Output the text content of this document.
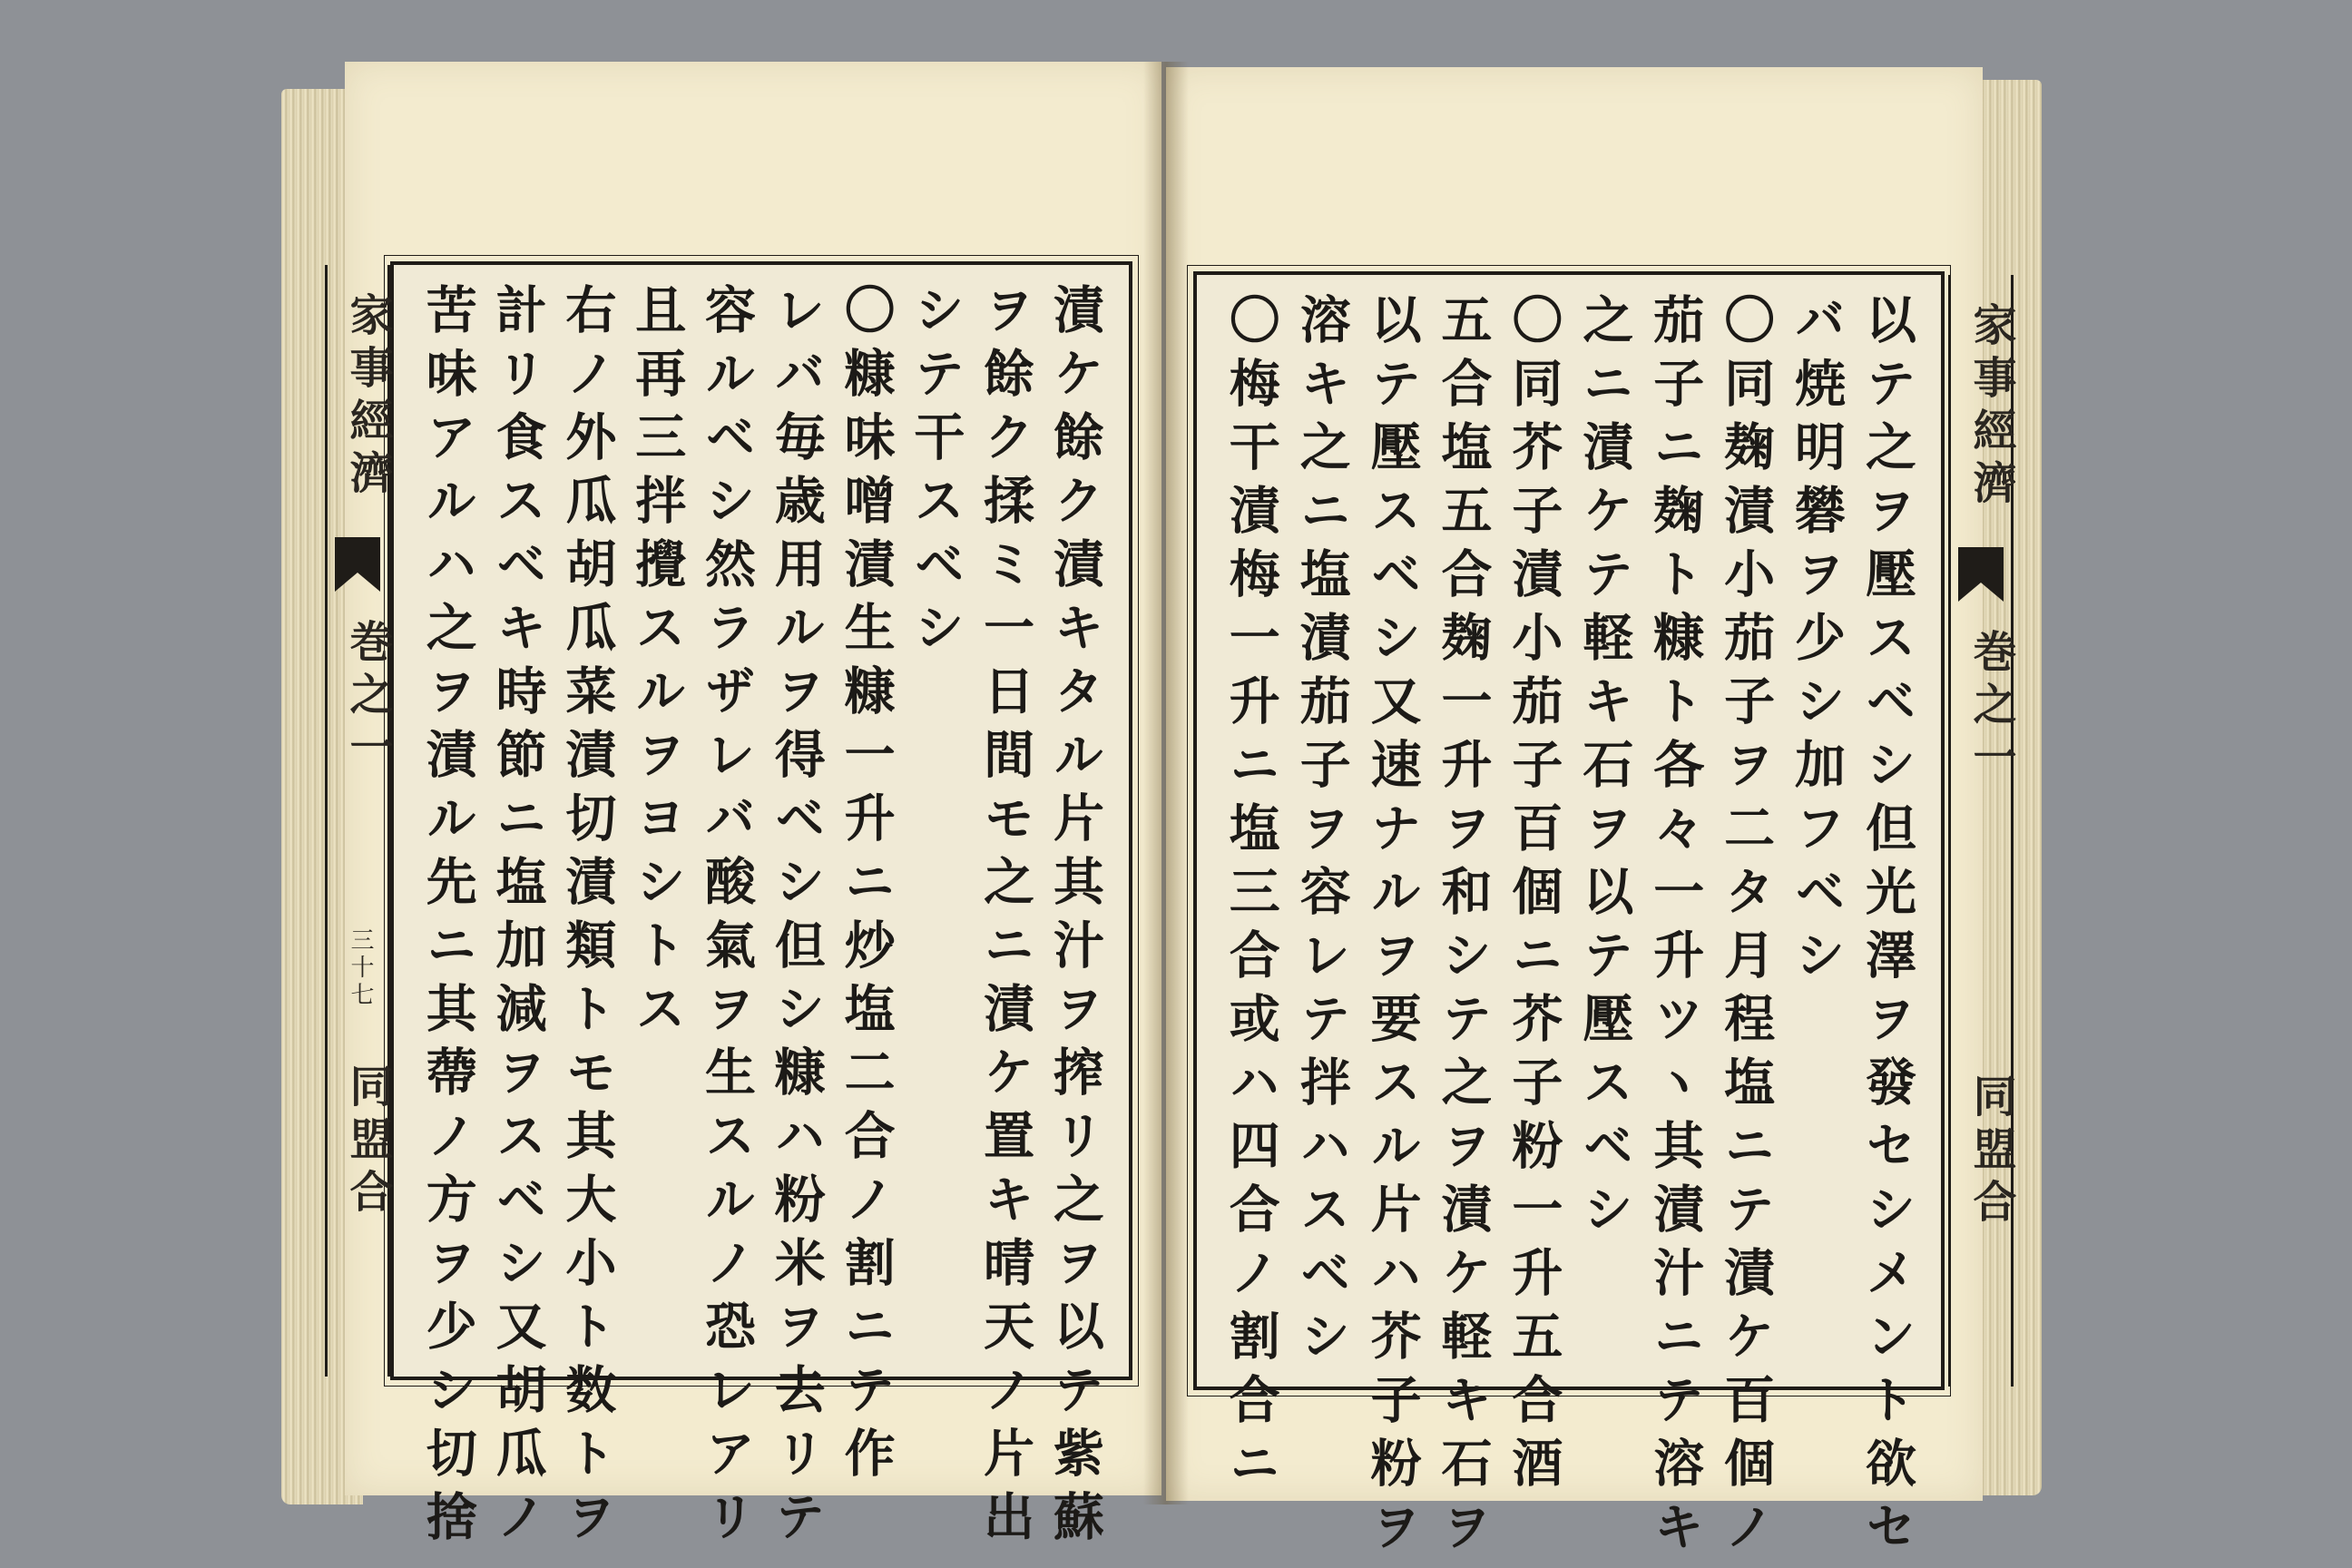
家事經濟
巻之一
三十七
同盟合	漬ケ餘ク漬キタル片其汁ヲ搾リ之ヲ以テ紫蘇
ヲ餘ク揉ミ一日間モ之ニ漬ケ置キ晴天ノ片出
シテ干スベシ
〇糠味噌漬生糠一升ニ炒塩二合ノ割ニテ作
レバ毎歳用ルヲ得ベシ但シ糠ハ粉米ヲ去リテ
容ルベシ然ラザレバ酸氣ヲ生スルノ恐レアリ
且再三拌攪スルヲヨシトス
右ノ外瓜胡瓜菜漬切漬類トモ其大小ト数トヲ
計リ食スベキ時節ニ塩加減ヲスベシ又胡瓜ノ
苦味アルハ之ヲ漬ル先ニ其蔕ノ方ヲ少シ切捨	家事經濟
巻之一
同盟合
以テ之ヲ壓スベシ但光澤ヲ發セシメント欲セ
バ焼明礬ヲ少シ加フベシ
〇同麹漬小茄子ヲ二タ月程塩ニテ漬ケ百個ノ
茄子ニ麹ト糠ト各々一升ツヽ其漬汁ニテ溶キ
之ニ漬ケテ軽キ石ヲ以テ壓スベシ
〇同芥子漬小茄子百個ニ芥子粉一升五合酒
五合塩五合麹一升ヲ和シテ之ヲ漬ケ軽キ石ヲ
以テ壓スベシ又速ナルヲ要スル片ハ芥子粉ヲ
溶キ之ニ塩漬茄子ヲ容レテ拌ハスベシ
〇梅干漬梅一升ニ塩三合或ハ四合ノ割合ニ
